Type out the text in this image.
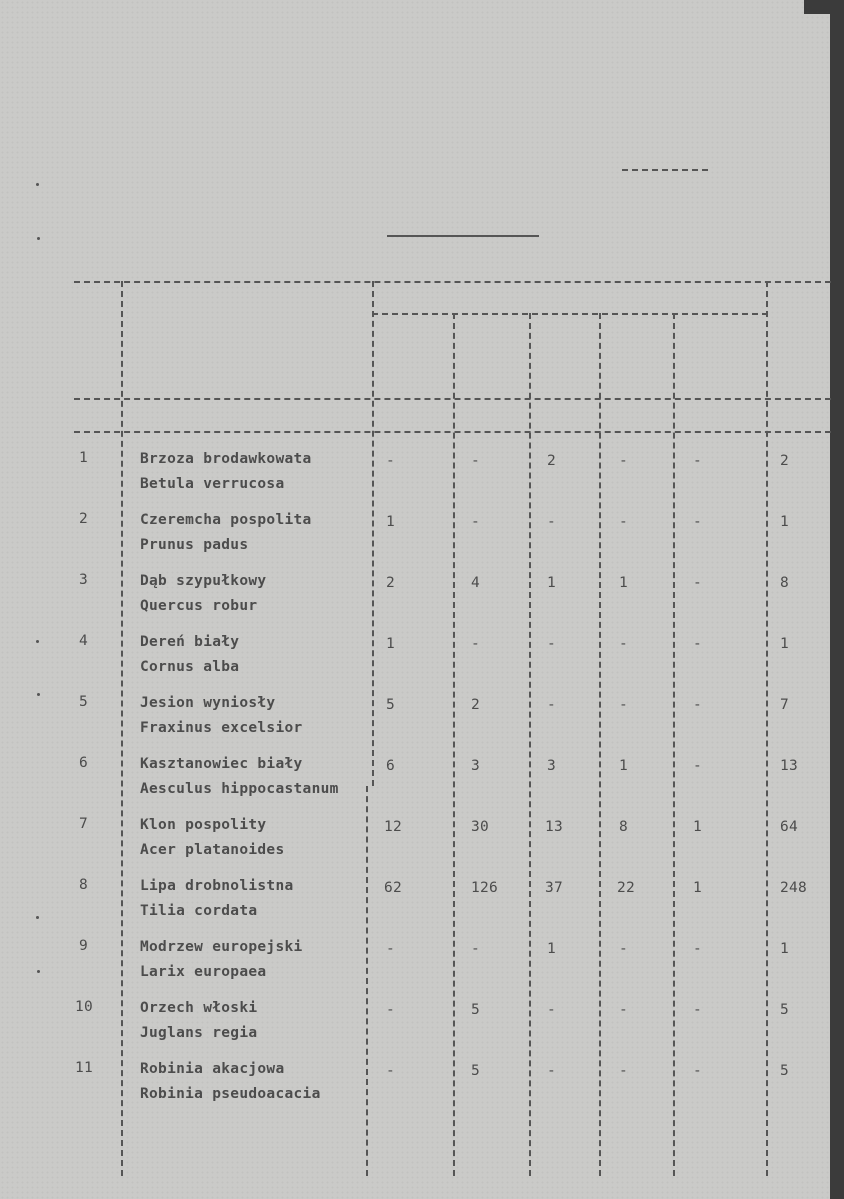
1	Brzoza brodawkowata
Betula verrucosa
-	-	2	-	-	2
2	Czeremcha pospolita
Prunus padus
1	-	-	-	-	1
3	Dąb szypułkowy
Quercus robur
2	4	1	1	-	8
4	Dereń biały
Cornus alba
1	-	-	-	-	1
5	Jesion wyniosły
Fraxinus excelsior
5	2	-	-	-	7
6	Kasztanowiec biały
Aesculus hippocastanum
6	3	3	1	-	13
7	Klon pospolity
Acer platanoides
12	30	13	8	1	64
8	Lipa drobnolistna
Tilia cordata
62	126	37	22	1	248
9	Modrzew europejski
Larix europaea
-	-	1	-	-	1
10	Orzech włoski
Juglans regia
-	5	-	-	-	5
11	Robinia akacjowa
Robinia pseudoacacia
-	5	-	-	-	5
